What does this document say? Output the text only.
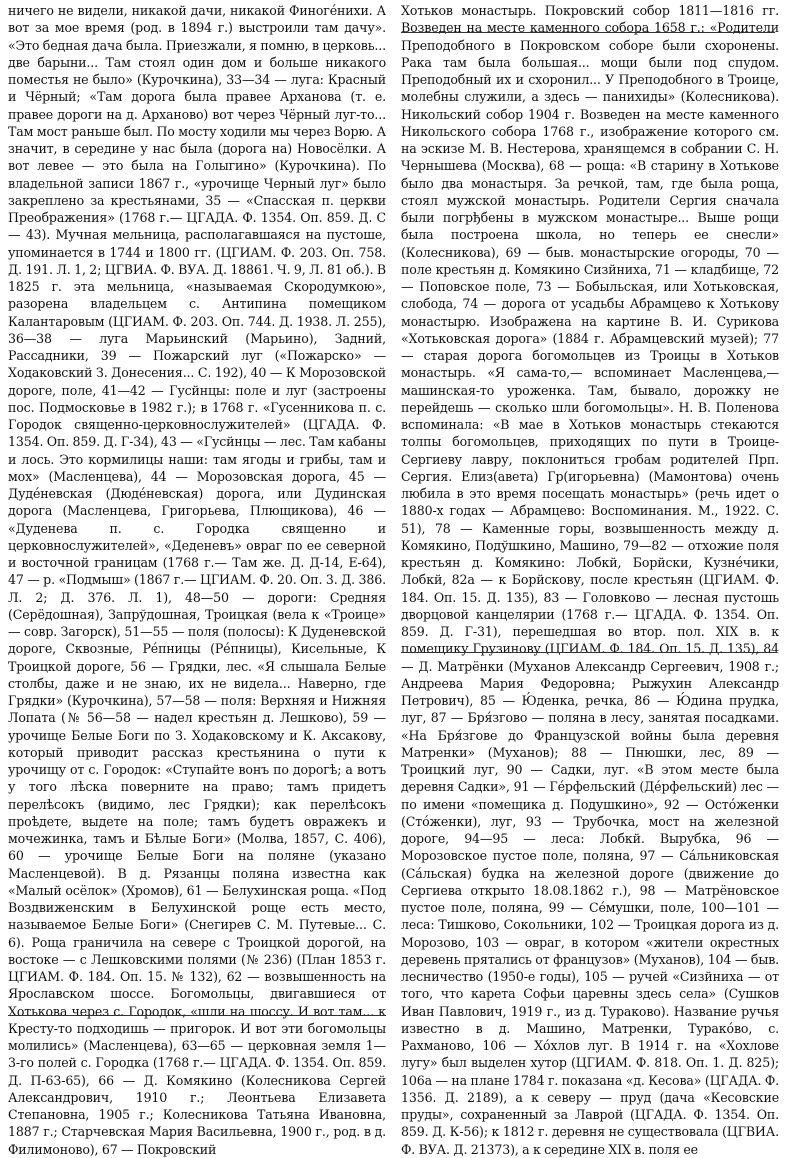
ничего не видели, никакой дачи, никакой Финогéнихи. А вот за мое время (род. в 1894 г.) выстроили там дачу». «Это бедная дача была. Приезжали, я помню, в церковь... две барыни... Там стоял один дом и больше никакого поместья не было» (Курочкина), 33—34 — луга: Красный и Чёрный; «Там дорога была правее Арханова (т. е. правее дороги на д. Арханово) вот через Чёрный луг-то... Там мост раньше был. По мосту ходили мы через Ворю. А значит, в середине у нас была (дорога на) Новосёлки. А вот левее — это была на Голыгино» (Курочкина). По владельной записи 1867 г., «урочище Черный луг» было закреплено за крестьянами, 35 — «Спасская п. церкви Преображения» (1768 г.— ЦГАДА. Ф. 1354. Оп. 859. Д. С — 43). Мучная мельница, располагавшаяся на пустоше, упоминается в 1744 и 1800 гг. (ЦГИАМ. Ф. 203. Оп. 758. Д. 191. Л. 1, 2; ЦГВИА. Ф. ВУА. Д. 18861. Ч. 9, Л. 81 об.). В 1825 г. эта мельница, «называемая Скородумкою», разорена владельцем с. Антипина помещиком Калантаровым (ЦГИАМ. Ф. 203. Оп. 744. Д. 1938. Л. 255), 36—38 — луга Марьинский (Марьино), Задний, Рассадники, 39 — Пожарский луг («Пожарско» — Ходаковский З. Донесения... С. 192), 40 — К Морозовской дороге, поле, 41—42 — Гусйнцы: поле и луг (застроены пос. Подмосковье в 1982 г.); в 1768 г. «Гусенникова п. с. Городок священно-церковнослужителей» (ЦГАДА. Ф. 1354. Оп. 859. Д. Г-34), 43 — «Гусйнцы — лес. Там кабаны и лось. Это кормилицы наши: там ягоды и грибы, там и мох» (Масленцева), 44 — Морозовская дорога, 45 — Дудéневская (Дюдéневская) дорога, или Дудинская дорога (Масленцева, Григорьева, Плющикова), 46 — «Дуденева п. с. Городка священно и церковнослужителей», «Деденевъ» овраг по ее северной и восточной границам (1768 г.— Там же. Д. Д-14, Е-64), 47 — р. «Подмыш» (1867 г.— ЦГИАМ. Ф. 20. Оп. 3. Д. 386. Л. 2; Д. 376. Л. 1), 48—50 — дороги: Средняя (Серёдошная), Запрўдошная, Троицкая (вела к «Троице» — совр. Загорск), 51—55 — поля (полосы): К Дуденевской дороге, Сквозные, Рéпницы (Рéпницы), Кисельные, К Троицкой дороге, 56 — Грядки, лес. «Я слышала Белые столбы, даже и не знаю, их не видела... Наверно, где Грядки» (Курочкина), 57—58 — поля: Верхняя и Нижняя Лопата (№ 56—58 — надел крестьян д. Лешково), 59 — урочище Белые Боги по З. Ходаковскому и К. Аксакову, который приводит рассказ крестьянина о пути к урочищу от с. Городок: «Ступайте вонъ по дорогѣ; а вотъ у того лѣска поверните на право; тамъ придетъ перелѣсокъ (видимо, лес Грядки); как перелѣсокъ проѣдете, выдете на поле; тамъ будетъ овражекъ и мочежинка, тамъ и Бѣлые Боги» (Молва, 1857, С. 406), 60 — урочище Белые Боги на поляне (указано Масленцевой). В д. Рязанцы поляна известна как «Малый осёлок» (Хромов), 61 — Белухинская роща. «Под Воздвиженским в Белухинской роще есть место, называемое Белые Боги» (Снегирев С. М. Путевые... С. 6). Роща граничила на севере с Троицкой дорогой, на востоке — с Лешковскими полями (№ 236) (План 1853 г. ЦГИАМ. Ф. 184. Оп. 15. № 132), 62 — возвышенность на Ярославском шоссе. Богомольцы, двигавшиеся от Хотькова через с. Городок, «шли на шоссу. И вот там... к Кресту-то подходишь — пригорок. И вот эти богомольцы молились» (Масленцева), 63—65 — церковная земля 1—3-го полей с. Городка (1768 г.— ЦГАДА. Ф. 1354. Оп. 859. Д. П-63-65), 66 — Д. Комякино (Колесникова Сергей Александрович, 1910 г.; Леонтьева Елизавета Степановна, 1905 г.; Колесникова Татьяна Ивановна, 1887 г.; Старчевская Мария Васильевна, 1900 г., род. в д. Филимоново), 67 — Покровский

Хотьков монастырь. Покровский собор 1811—1816 гг. Возведен на месте каменного собора 1658 г.: «Родители Преподобного в Покровском соборе были схоронены. Рака там была большая... мощи были под спудом. Преподобный их и схоронил... У Преподобного в Троице, молебны служили, а здесь — панихиды» (Колесникова). Никольский собор 1904 г. Возведен на месте каменного Никольского собора 1768 г., изображение которого см. на эскизе М. В. Нестерова, хранящемся в собрании С. Н. Чернышева (Москва), 68 — роща: «В старину в Хотькове было два монастыря. За речкой, там, где была роща, стоял мужской монастырь. Родители Сергия сначала были погрђбены в мужском монастыре... Выше рощи была построена школа, но теперь ее снесли» (Колесникова), 69 — быв. монастырские огороды, 70 — поле крестьян д. Комякино Сизйниха, 71 — кладбище, 72 — Поповское поле, 73 — Бобыльская, или Хотьковская, слобода, 74 — дорога от усадьбы Абрамцево к Хотькову монастырю. Изображена на картине В. И. Сурикова «Хотьковская дорога» (1884 г. Абрамцевский музей); 77 — старая дорога богомольцев из Троицы в Хотьков монастырь. «Я сама-то,— вспоминает Масленцева,— машинская-то уроженка. Там, бывало, дорожку не перейдешь — сколько шли богомольцы». Н. В. Поленова вспоминала: «В мае в Хотьков монастырь стекаются толпы богомольцев, приходящих по пути в Троице-Сергиеву лавру, поклониться гробам родителей Прп. Сергия. Елиз(авета) Гр(игорьевна) (Мамонтова) очень любила в это время посещать монастырь» (речь идет о 1880-х годах — Абрамцево: Воспоминания. М., 1922. С. 51), 78 — Каменные горы, возвышенность между д. Комякино, Подўшкино, Машино, 79—82 — отхожие поля крестьян д. Комякино: Лобкй, Борйски, Кузнéчики, Лобкй, 82а — к Борйскову, после крестьян (ЦГИАМ. Ф. 184. Оп. 15. Д. 135), 83 — Головково — лесная пустошь дворцовой канцелярии (1768 г.— ЦГАДА. Ф. 1354. Оп. 859. Д. Г-31), перешедшая во втор. пол. XIX в. к помещику Грузинову (ЦГИАМ. Ф. 184. Оп. 15. Д. 135), 84 — Д. Матрёнки (Муханов Александр Сергеевич, 1908 г.; Андреева Мария Федоровна; Рыжухин Александр Петрович), 85 — Ю́денка, речка, 86 — Ю́дина прудка, луг, 87 — Бря́згово — поляна в лесу, занятая посадками. «На Бря́згове до Французской войны была деревня Матренки» (Муханов); 88 — Пнюшки, лес, 89 — Троицкий луг, 90 — Садки, луг. «В этом месте была деревня Садки», 91 — Гéрфельский (Дéрфельский) лес — по имени «помещика д. Подушкино», 92 — Остóженки (Стóженки), луг, 93 — Трубочка, мост на железной дороге, 94—95 — леса: Лобкй. Вырубка, 96 — Морозовское пустое поле, поляна, 97 — Сáльниковская (Сáльская) будка на железной дороге (движение до Сергиева открыто 18.08.1862 г.), 98 — Матрёновское пустое поле, поляна, 99 — Сéмушки, поле, 100—101 — леса: Тишково, Сокольники, 102 — Троицкая дорога из д. Морозово, 103 — овраг, в котором «жители окрестных деревень прятались от французов» (Муханов), 104 — быв. лесничество (1950-е годы), 105 — ручей «Сизйниха — от того, что карета Софьи царевны здесь села» (Сушков Иван Павлович, 1919 г., из д. Тураково). Название ручья известно в д. Машино, Матренки, Туракóво, с. Рахманово, 106 — Хóхлов луг. В 1914 г. на «Хохлове лугу» был выделен хутор (ЦГИАМ. Ф. 818. Оп. 1. Д. 825); 106а — на плане 1784 г. показана «д. Кесова» (ЦГАДА. Ф. 1356. Д. 2189), а к северу — пруд (дача «Кесовские пруды», сохраненный за Лаврой (ЦГАДА. Ф. 1354. Оп. 859. Д. К-56); к 1812 г. деревня не существовала (ЦГВИА. Ф. ВУА. Д. 21373), а к середине XIX в. поля ее
